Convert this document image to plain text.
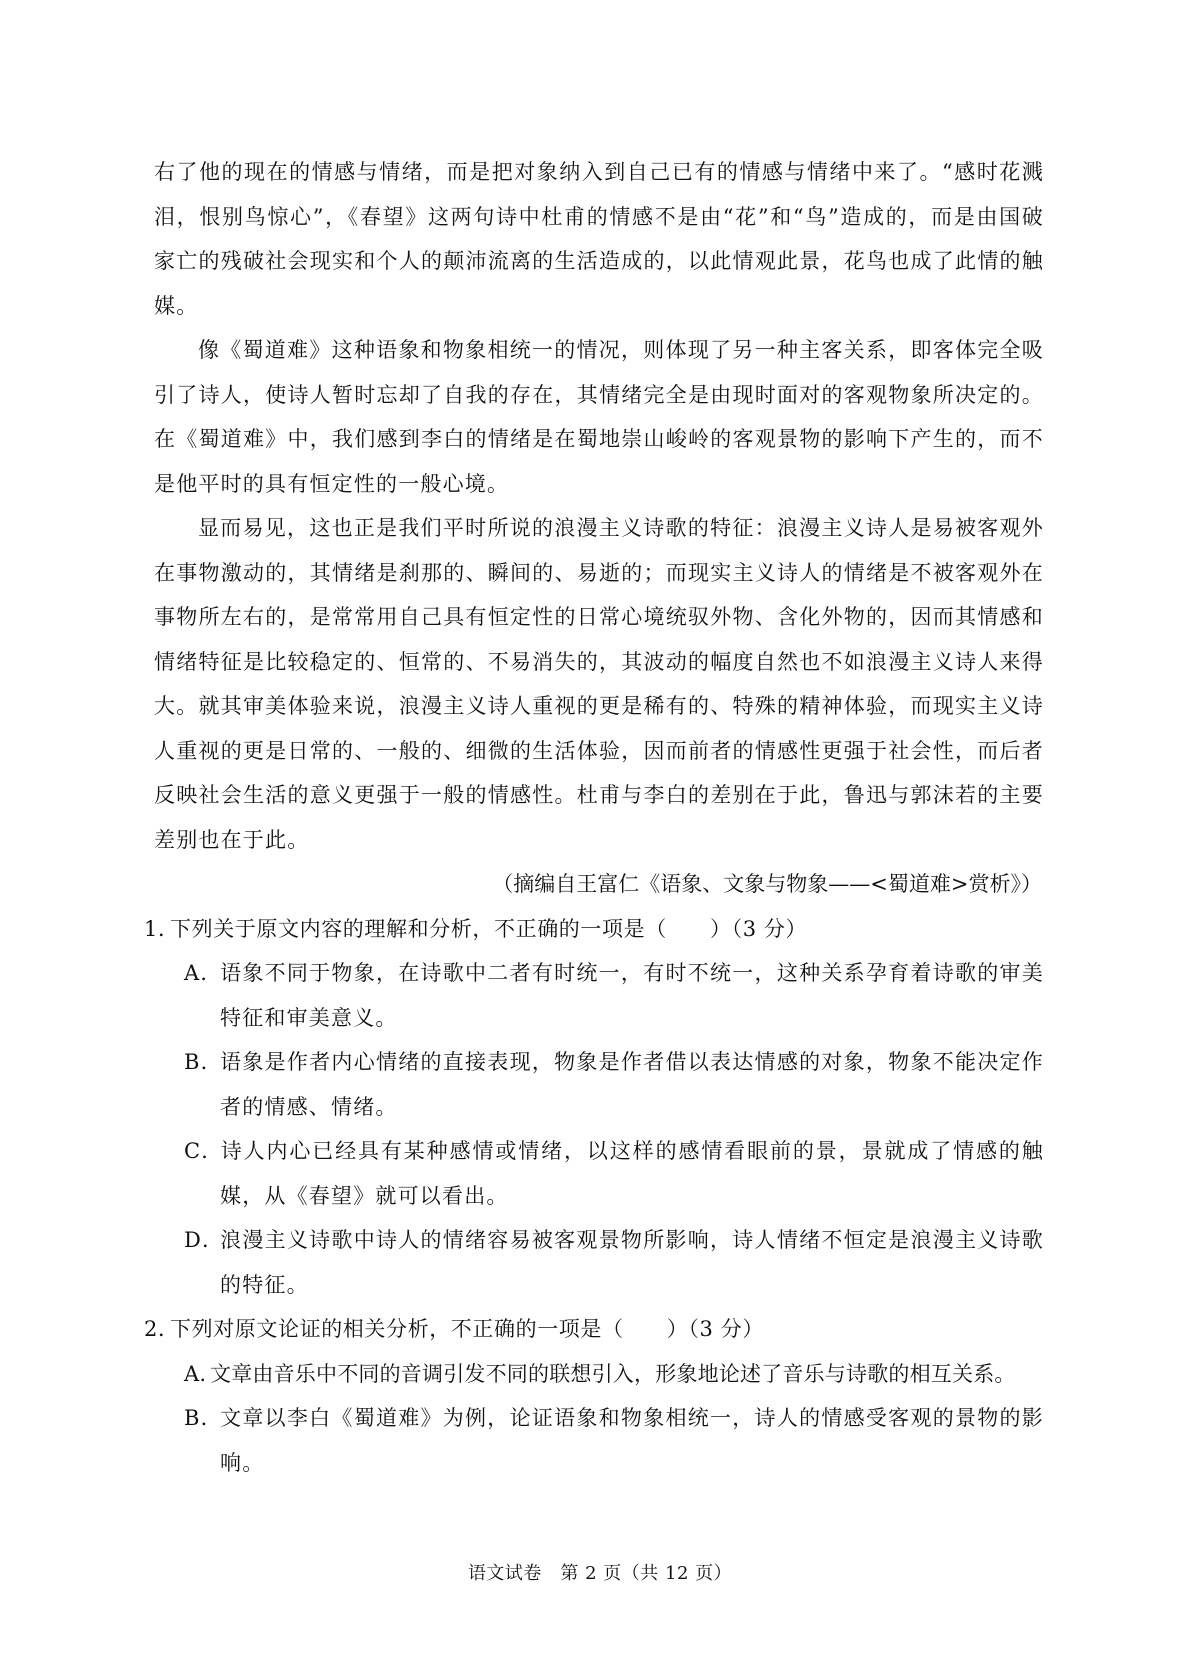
右了他的现在的情感与情绪，而是把对象纳入到自己已有的情感与情绪中来了。“感时花溅泪，恨别鸟惊心”，《春望》这两句诗中杜甫的情感不是由“花”和“鸟”造成的，而是由国破家亡的残破社会现实和个人的颠沛流离的生活造成的，以此情观此景，花鸟也成了此情的触媒。

像《蜀道难》这种语象和物象相统一的情况，则体现了另一种主客关系，即客体完全吸引了诗人，使诗人暂时忘却了自我的存在，其情绪完全是由现时面对的客观物象所决定的。在《蜀道难》中，我们感到李白的情绪是在蜀地崇山峻岭的客观景物的影响下产生的，而不是他平时的具有恒定性的一般心境。

显而易见，这也正是我们平时所说的浪漫主义诗歌的特征：浪漫主义诗人是易被客观外在事物激动的，其情绪是刹那的、瞬间的、易逝的；而现实主义诗人的情绪是不被客观外在事物所左右的，是常常用自己具有恒定性的日常心境统驭外物、含化外物的，因而其情感和情绪特征是比较稳定的、恒常的、不易消失的，其波动的幅度自然也不如浪漫主义诗人来得大。就其审美体验来说，浪漫主义诗人重视的更是稀有的、特殊的精神体验，而现实主义诗人重视的更是日常的、一般的、细微的生活体验，因而前者的情感性更强于社会性，而后者反映社会生活的意义更强于一般的情感性。杜甫与李白的差别在于此，鲁迅与郭沫若的主要差别也在于此。

（摘编自王富仁《语象、文象与物象——<蜀道难>赏析》）

1．下列关于原文内容的理解和分析，不正确的一项是（　　）（3 分）

A．语象不同于物象，在诗歌中二者有时统一，有时不统一，这种关系孕育着诗歌的审美特征和审美意义。

B．语象是作者内心情绪的直接表现，物象是作者借以表达情感的对象，物象不能决定作者的情感、情绪。

C．诗人内心已经具有某种感情或情绪，以这样的感情看眼前的景，景就成了情感的触媒，从《春望》就可以看出。

D．浪漫主义诗歌中诗人的情绪容易被客观景物所影响，诗人情绪不恒定是浪漫主义诗歌的特征。

2．下列对原文论证的相关分析，不正确的一项是（　　）（3 分）

A. 文章由音乐中不同的音调引发不同的联想引入，形象地论述了音乐与诗歌的相互关系。

B．文章以李白《蜀道难》为例，论证语象和物象相统一，诗人的情感受客观的景物的影响。

语文试卷　第 2 页（共 12 页）
